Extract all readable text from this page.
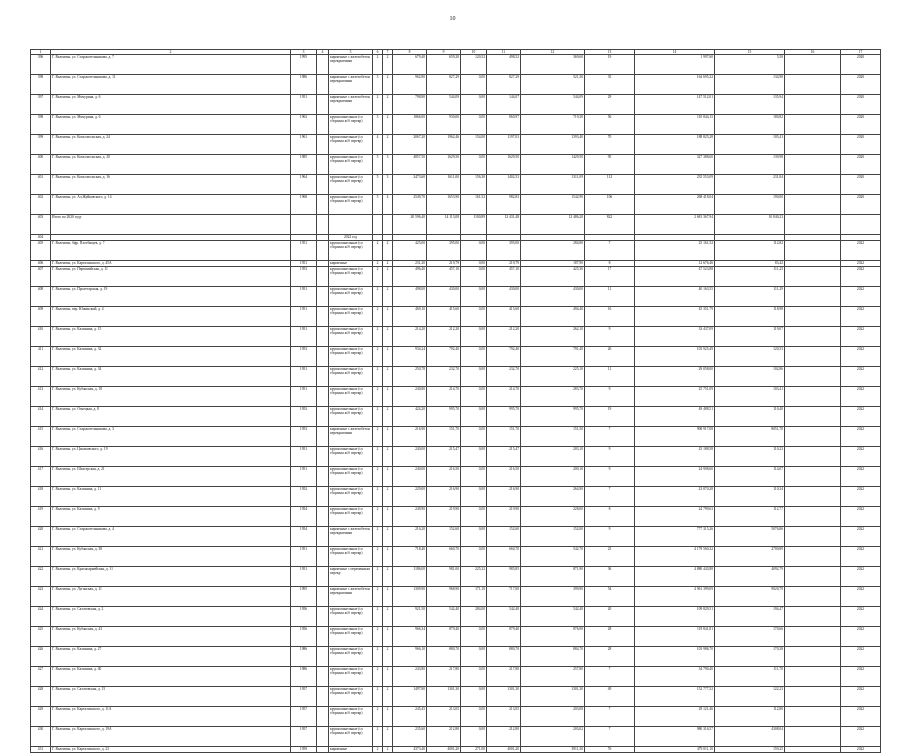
10
1	2	3	4	5	6	7	8	9	10	11	12	13	14	15	16	17
396	Г. Валентин, ул. Старокотельникова, д. 7	1995		кирпичные с железобетон перекрытиями	2	2	679,40	659,20	120,52	498,52	369,60	19	1 997,60	5,50		2020
398	Г. Валентин, ул. Старокотельникова, д. 11	1986		кирпичные с железобетон перекрытиями	3	2	962,80	827,29	0,00	827,29	521,30	35	164 695,22	134,98		2020
397	Г. Валентин, ул. Мичурина, д. 6	1951		кирпичные с железобетон перекрытиями	2	2	798,80	544,09	0,00	144,07	544,09	29	147 512,01	135,94		2020
398	Г. Валентин, ул. Мичурина, д. 6	1963		крупнопанельные (со сборным ж/б перекр)	3	2	1866,00	930,00	0,00	860,97	719,30	56	110 844,15	180,82		2020
399	Г. Валентин, ул. Комсомольская, д. 24	1961		крупнопанельные (со сборным ж/б перекр)	4	2	2067,20	1962,46	154,00	1197,03	1393,40	70	188 825,28	105,41		2020
400	Г. Валентин, ул. Комсомольская, д. 20	1985		крупнопанельные (со сборным ж/б перекр)	5	3	4857,50	1629,50	0,00	1629,50	1429,50	95	327 388,60	139,98		2020
401	Г. Валентин, ул. Комсомольская, д. 16	1964		крупнопанельные (со сборным ж/б перекр)	5	3	2473,60	1611,00	156,30	1402,53	1311,09	112	235 553,09	231,84		2020
402	Г. Валентин, ул. Ал.Жуйковского, д. 14	1968		крупнопанельные (со сборным ж/б перекр)	5	4	2549,70	1653,90	161,52	982,83	1542,90	106	268 418,04	190,00		2020
403	Итого по 2020 году						20 596,40	14 113,08	1100,89	12 431,48	12 486,20	822	2 681 367,94	10 840,23		
404				2022 год												
405	Г. Валентин, бфр. Плотбищев, д. 7	1951		крупнопанельные (со сборным ж/б перекр)	2	2	425,00	395,00	0,00	395,00	284,80	7	25 161,52	112,82		2022
406	Г. Валентин, ул. Карталинского, д. 45А	1951		кирпичные	2	2	231,20	219,79	0,00	219,79	187,90	8	12 676,46	83,42		2022
407	Г. Валентин, ул. Первомайская, д. 11	1953		крупнопанельные (со сборным ж/б перекр)	2	2	496,40	457,10	0,00	457,10	425,30	17	47 523,88	111,25		2022
408	Г. Валентин, ул. Пролетарская, д. 19	1951		крупнопанельные (со сборным ж/б перекр)	2	2	498,00	430,00	0,00	430,00	430,00	11	40 163,55	111,29		2022
409	Г. Валентин, пер. Южинский, д. 4	1951		крупнопанельные (со сборным ж/б перекр)	2	2	469,10	415,60	0,00	415,60	494,40	16	45 351,79	118,98		2022
410	Г. Валентин, ул. Калинина, д. 15	1951		крупнопанельные (со сборным ж/б перекр)	2	2	214,20	212,20	0,00	212,20	262,10	9	33 437,09	119,07		2022
411	Г. Валентин, ул. Калинина, д. 32	1953		крупнопанельные (со сборным ж/б перекр)	2	2	934,24	792,40	0,00	792,40	791,40	26	103 925,49	120,53		2022
412	Г. Валентин, ул. Калинина, д. 34	1951		крупнопанельные (со сборным ж/б перекр)	2	2	250,78	232,70	0,00	232,70	225,10	11	29 058,00	102,86		2022
413	Г. Валентин, ул. Кубанская, д. 18	1951		крупнопанельные (со сборным ж/б перекр)	2	2	240,80	214,70	0,00	214,70	283,70	9	25 751,09	103,41		2022
414	Г. Валентин, ул. Огнецкая, д. 8	1953		крупнопанельные (со сборным ж/б перекр)	2	2	424,20	995,70	0,00	995,70	995,70	19	49 488,51	110,40		2022
415	Г. Валентин, ул. Старокотельникова, д. 3	1953		кирпичные с железобетон перекрытиями	2	2	216,90	151,70	0,00	151,70	151,50	7	908 917,08	8051,78		2022
416	Г. Валентин, ул. Циолковского, д. 19	1951		крупнопанельные (со сборным ж/б перекр)	2	2	240,00	215,47	0,00	215,47	203,10	9	25 188,58	110,23		2022
417	Г. Валентин, ул. Шахтерская, д. 21	1951		крупнопанельные (со сборным ж/б перекр)	2	2	240,00	216,50	0,00	216,50	200,10	9	24 908,60	114,07		2022
418	Г. Валентин, ул. Калинина, д. 11	1952		крупнопанельные (со сборным ж/б перекр)	2	2	229,00	216,90	0,00	216,90	264,90	7	23 870,28	110,34		2022
419	Г. Валентин, ул. Калинина, д. 9	1954		крупнопанельные (со сборным ж/б перекр)	2	2	249,90	219,90	0,00	219,90	228,00	8	24 799,63	112,77		2022
420	Г. Валентин, ул. Старокотельникова, д. 4	1954		кирпичные с железобетон перекрытиями	2	2	216,20	152,60	0,00	152,60	152,00	9	777 315,26	5076,86		2022
421	Г. Валентин, ул. Кубанская, д. 38	1951		крупнопанельные (со сборным ж/б перекр)	2	2	718,40	660,70	0,00	660,70	542,70	23	4 179 560,32	2700,89		2022
422	Г. Валентин, ул. Красноармейская, д. 11	1951		кирпичные с переменным перекр	2	2	1186,00	981,00	225,32	985,85	871,90	36	4 880 443,88	4092,79		2022
423	Г. Валентин, ул. Луганская, д. 11	1995		кирпичные с железобетон перекрытиями	2	2	1309,90	968,90	171,10	717,00	399,90	54	4 961 399,09	9020,79		2022
424	Г. Валентин, ул. Салатовская, д. 2	1956		крупнопанельные (со сборным ж/б перекр)	2	2	921,50	542,40	284,00	542,40	542,40	20	109 829,51	194,47		2022
425	Г. Валентин, ул. Кубанская, д. 43	1956		крупнопанельные (со сборным ж/б перекр)	2	2	966,34	879,40	0,00	879,40	876,90	28	119 841,81	170,66		2022
426	Г. Валентин, ул. Калинина, д. 27	1986		крупнопанельные (со сборным ж/б перекр)	2	2	966,10	880,70	0,00	880,70	884,70	28	103 986,70	170,38		2022
427	Г. Валентин, ул. Калинина, д. 40	1986		крупнопанельные (со сборным ж/б перекр)	2	2	243,80	217,80	0,00	217,80	257,80	7	34 790,40	111,70		2022
428	Г. Валентин, ул. Салатовская, д. 15	1957		крупнопанельные (со сборным ж/б перекр)	2	2	1497,80	1301,30	0,00	1301,30	1301,30	49	152 777,52	122,23		2022
429	Г. Валентин, ул. Карталинского, д. 11А	1957		крупнопанельные (со сборным ж/б перекр)	2	2	245,45	213,05	0,00	213,05	203,08	7	29 121,46	112,80		2022
430	Г. Валентин, ул. Карталинского, д. 19А	1957		крупнопанельные (со сборным ж/б перекр)	2	2	235,60	212,80	0,00	212,80	203,02	7	980 316,57	4308,04		2022
431	Г. Валентин, ул. Карталинского, д. 23	1959		кирпичные	2	2	4373,40	4001,20	271,00	4001,20	3911,30	76	479 011,10	159,25		2022
